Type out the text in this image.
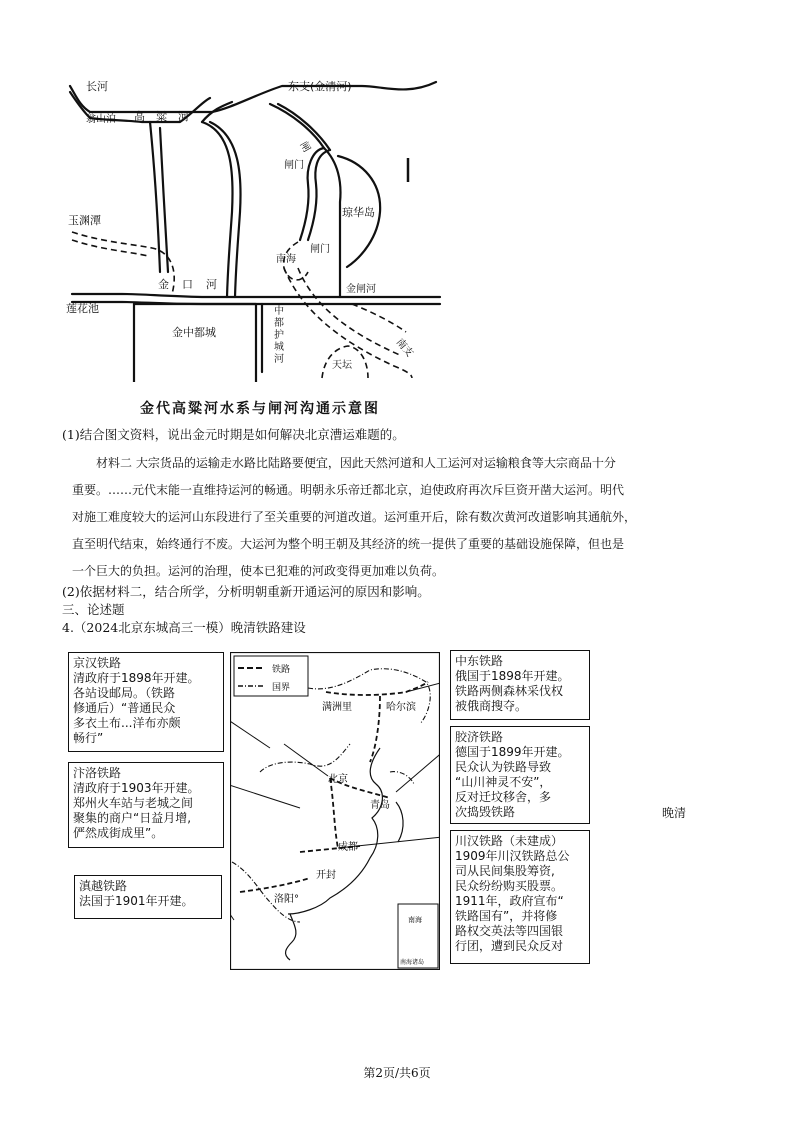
长河	东支(金清河)
翁山泊 高 粱 河
闸
闸门
闸门
琼华岛
玉渊潭
南海
金 口 河	金闸河
莲花池
金中都城
中
都
护
城
河
南支
天坛
金代高粱河水系与闸河沟通示意图
(1)结合图文资料，说出金元时期是如何解决北京漕运难题的。

材料二 大宗货品的运输走水路比陆路要便宜，因此天然河道和人工运河对运输粮食等大宗商品十分

重要。……元代末能一直维持运河的畅通。明朝永乐帝迁都北京，迫使政府再次斥巨资开凿大运河。明代

对施工难度较大的运河山东段进行了至关重要的河道改道。运河重开后，除有数次黄河改道影响其通航外，

直至明代结束，始终通行不废。大运河为整个明王朝及其经济的统一提供了重要的基础设施保障，但也是

一个巨大的负担。运河的治理，使本已犯难的河政变得更加难以负荷。

(2)依据材料二，结合所学，分析明朝重新开通运河的原因和影响。
三、论述题
4.（2024北京东城高三一模）晚清铁路建设
铁路
国界
南海
南海诸岛
满洲里	哈尔滨
北京
青岛
成都
开封
洛阳°
京汉铁路
清政府于1898年开建。
各站设邮局。（铁路
修通后）“普通民众
多衣土布...洋布亦颇
畅行”
汴洛铁路
清政府于1903年开建。
郑州火车站与老城之间
聚集的商户“日益月增,
俨然成街成里”。
滇越铁路
法国于1901年开建。
中东铁路
俄国于1898年开建。
铁路两侧森林采伐权
被俄商搜夺。
胶济铁路
德国于1899年开建。
民众认为铁路导致
“山川神灵不安”，
反对迁坟移舍，多
次捣毁铁路
川汉铁路（未建成）
1909年川汉铁路总公
司从民间集股筹资,
民众纷纷购买股票。
1911年，政府宣布“
铁路国有”，并将修
路权交英法等四国银
行团，遭到民众反对
晚清
第2页/共6页
